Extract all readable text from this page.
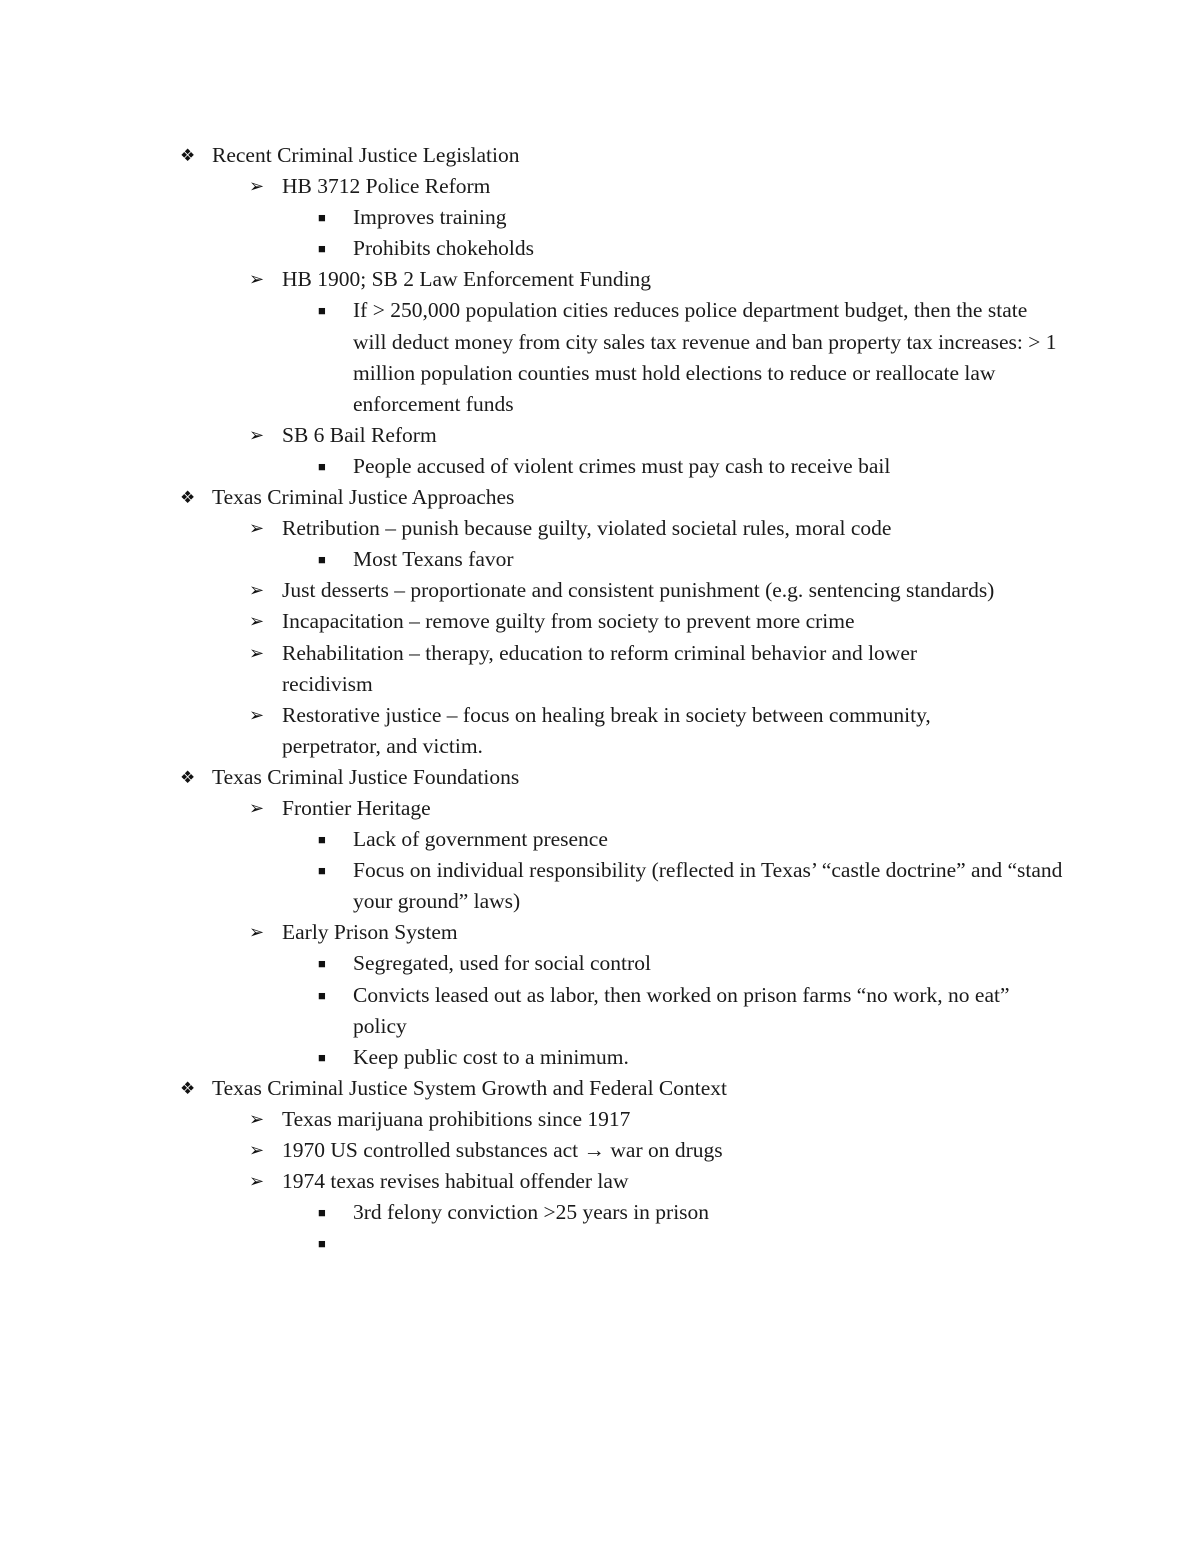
❖ Recent Criminal Justice Legislation
➢ HB 3712 Police Reform
■ Improves training
■ Prohibits chokeholds
➢ HB 1900; SB 2 Law Enforcement Funding
■ If > 250,000 population cities reduces police department budget, then the state will deduct money from city sales tax revenue and ban property tax increases: > 1 million population counties must hold elections to reduce or reallocate law enforcement funds
➢ SB 6 Bail Reform
■ People accused of violent crimes must pay cash to receive bail
❖ Texas Criminal Justice Approaches
➢ Retribution – punish because guilty, violated societal rules, moral code
■ Most Texans favor
➢ Just desserts – proportionate and consistent punishment (e.g. sentencing standards)
➢ Incapacitation – remove guilty from society to prevent more crime
➢ Rehabilitation – therapy, education to reform criminal behavior and lower recidivism
➢ Restorative justice – focus on healing break in society between community, perpetrator, and victim.
❖ Texas Criminal Justice Foundations
➢ Frontier Heritage
■ Lack of government presence
■ Focus on individual responsibility (reflected in Texas’ “castle doctrine” and “stand your ground” laws)
➢ Early Prison System
■ Segregated, used for social control
■ Convicts leased out as labor, then worked on prison farms “no work, no eat” policy
■ Keep public cost to a minimum.
❖ Texas Criminal Justice System Growth and Federal Context
➢ Texas marijuana prohibitions since 1917
➢ 1970 US controlled substances act → war on drugs
➢ 1974 texas revises habitual offender law
■ 3rd felony conviction >25 years in prison
■
